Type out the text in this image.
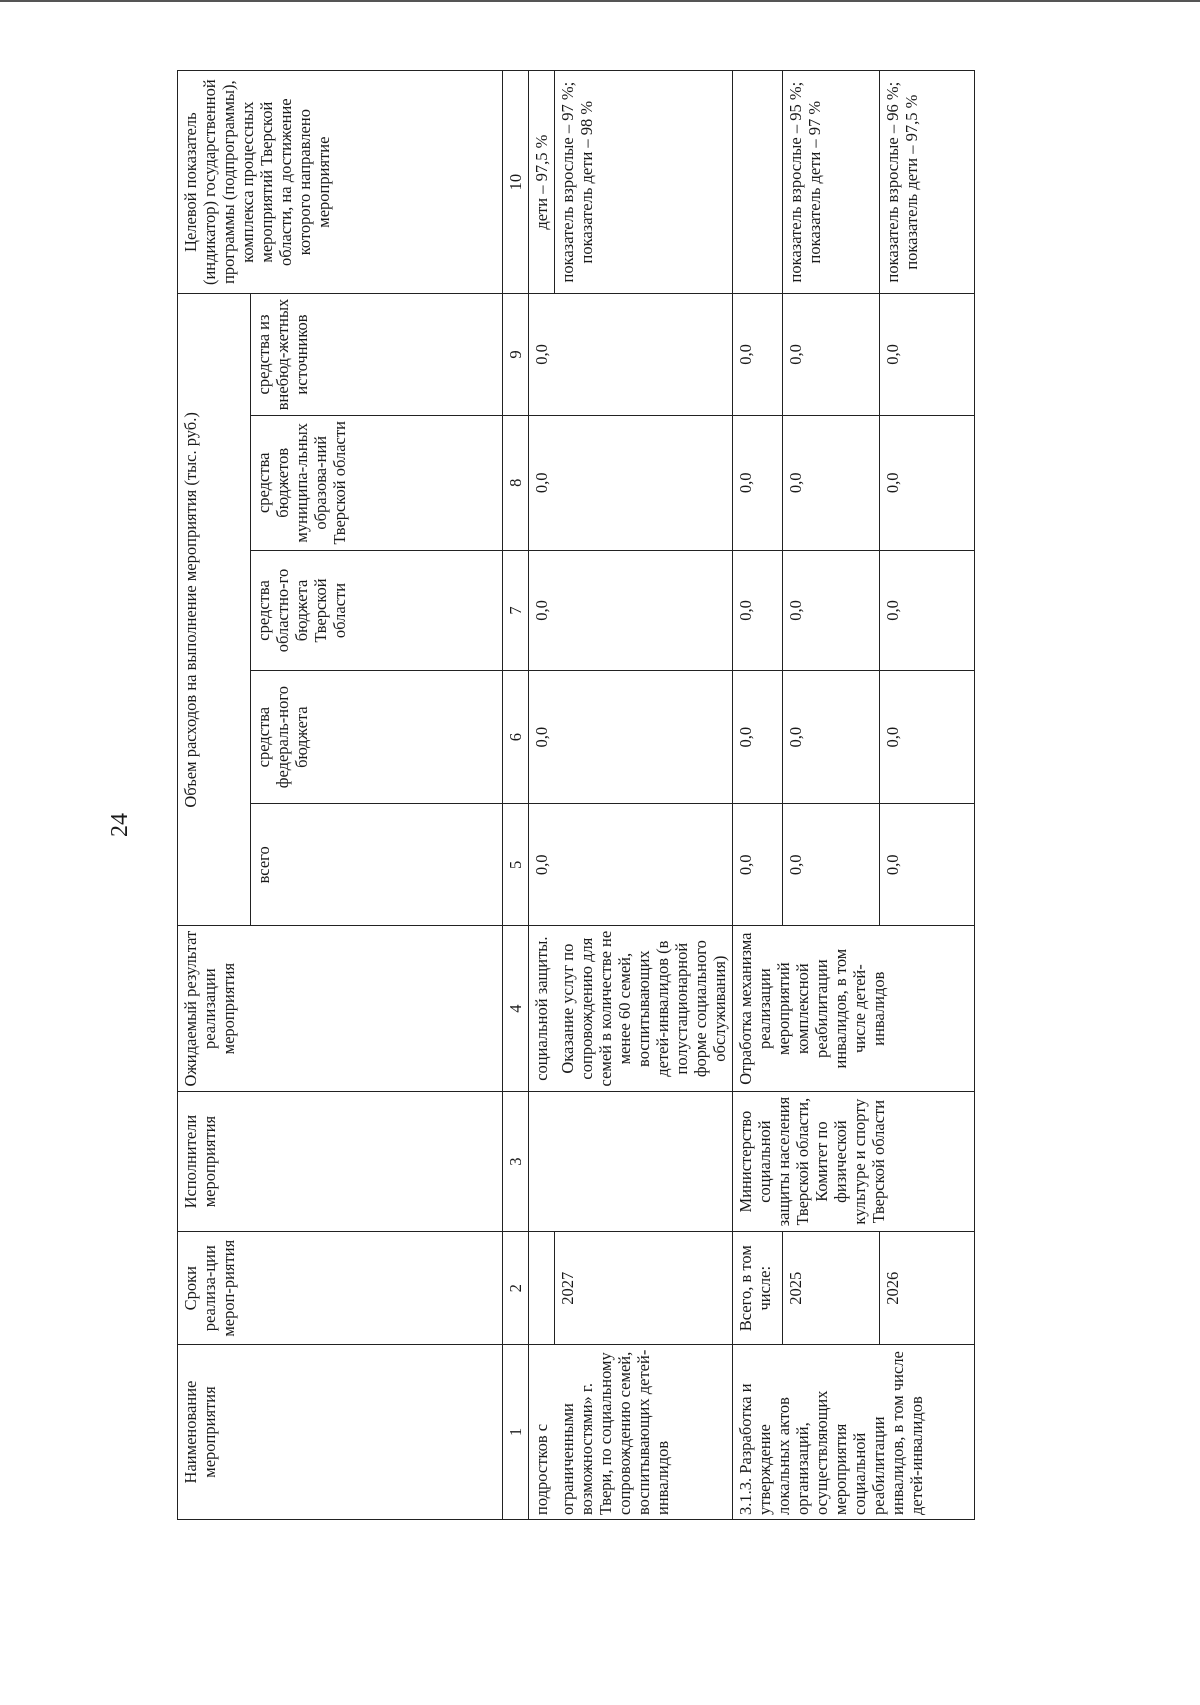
24
Наименование мероприятия	Сроки реализа-ции мероп-риятия	Исполнители мероприятия	Ожидаемый результат реализации мероприятия	Объем расходов на выполнение мероприятия (тыс. руб.)					Целевой показатель (индикатор) государственной программы (подпрограммы), комплекса процессных мероприятий Тверской области, на достижение которого направлено мероприятие
				всего	средства федераль-ного бюджета	средства областно-го бюджета Тверской области	средства бюджетов муниципа-льных образова-ний Тверской области	средства из внебюд-жетных источников	
1	2	3	4	5	6	7	8	9	10
подростков с			социальной защиты.	0,0	0,0	0,0	0,0	0,0	дети – 97,5 %
ограниченными возможностями» г. Твери, по социальному сопровождению семей, воспитывающих детей-инвалидов	2027		Оказание услуг по сопровождению для семей в количестве не менее 60 семей, воспитывающих детей-инвалидов (в полустационарной форме социального обслуживания)						показатель взрослые – 97 %; показатель дети – 98 %
3.1.3. Разработка и утверждение локальных актов организаций, осуществляющих мероприятия социальной реабилитации инвалидов, в том числе детей-инвалидов	Всего, в том числе:	Министерство социальной защиты населения Тверской области, Комитет по физической культуре и спорту Тверской области	Отработка механизма реализации мероприятий комплексной реабилитации инвалидов, в том числе детей-инвалидов	0,0	0,0	0,0	0,0	0,0	
	2025			0,0	0,0	0,0	0,0	0,0	показатель взрослые – 95 %; показатель дети – 97 %
	2026			0,0	0,0	0,0	0,0	0,0	показатель взрослые – 96 %; показатель дети – 97,5 %
